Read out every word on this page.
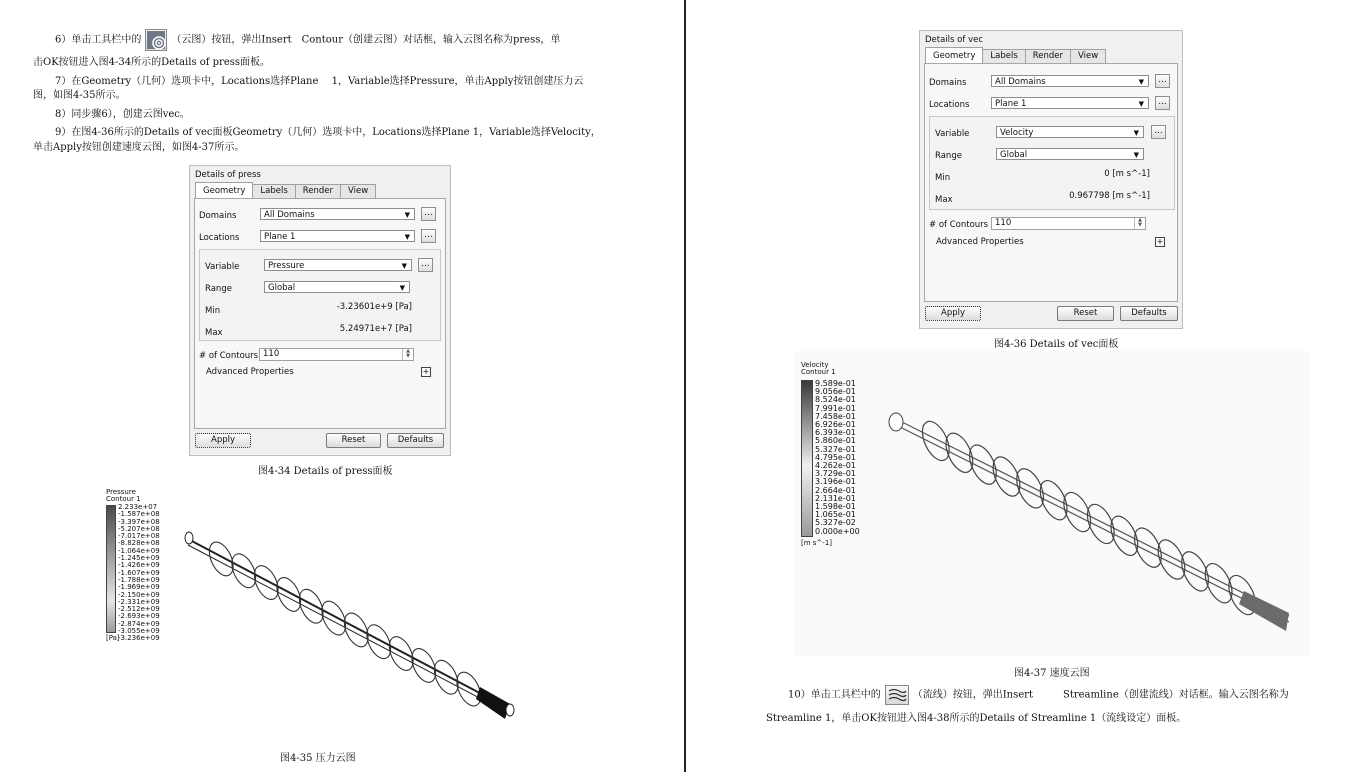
6）单击工具栏中的	（云图）按钮，弹出Insert　Contour（创建云图）对话框，输入云图名称为press，单
击OK按钮进入图4-34所示的Details of press面板。
7）在Geometry（几何）选项卡中，Locations选择Plane　 1，Variable选择Pressure，单击Apply按钮创建压力云
图，如图4-35所示。
8）同步骤6），创建云图vec。
9）在图4-36所示的Details of vec面板Geometry（几何）选项卡中，Locations选择Plane 1，Variable选择Velocity，
单击Apply按钮创建速度云图，如图4-37所示。
Details of press
Geometry	Labels	Render	View
Domains	All Domains	▼	...
Locations	Plane 1	▼	...
Variable	Pressure	▼	...
Range	Global	▼
Min	-3.23601e+9 [Pa]
Max	5.24971e+7 [Pa]
# of Contours 110	▲
▼
Advanced Properties	+
Apply	Reset	Defaults
图4-34 Details of press面板
Pressure
Contour 1
2.233e+07
-1.587e+08
-3.397e+08
-5.207e+08
-7.017e+08
-8.828e+08
-1.064e+09
-1.245e+09
-1.426e+09
-1.607e+09
-1.788e+09
-1.969e+09
-2.150e+09
-2.331e+09
-2.512e+09
-2.693e+09
-2.874e+09
-3.055e+09
-3.236e+09
[Pa]
图4-35 压力云图
Details of vec
Geometry	Labels	Render	View
Domains	All Domains	▼	...
Locations	Plane 1	▼	...
Variable	Velocity	▼	...
Range	Global	▼
Min	0 [m s^-1]
Max	0.967798 [m s^-1]
# of Contours 110	▲
▼
Advanced Properties	+
Apply	Reset	Defaults
图4-36 Details of vec面板
Velocity
Contour 1
9.589e-01
9.056e-01
8.524e-01
7.991e-01
7.458e-01
6.926e-01
6.393e-01
5.860e-01
5.327e-01
4.795e-01
4.262e-01
3.729e-01
3.196e-01
2.664e-01
2.131e-01
1.598e-01
1.065e-01
5.327e-02
0.000e+00
[m s^-1]
图4-37 速度云图
10）单击工具栏中的	（流线）按钮，弹出Insert　　　Streamline（创建流线）对话框。输入云图名称为
Streamline 1，单击OK按钮进入图4-38所示的Details of Streamline 1（流线设定）面板。
